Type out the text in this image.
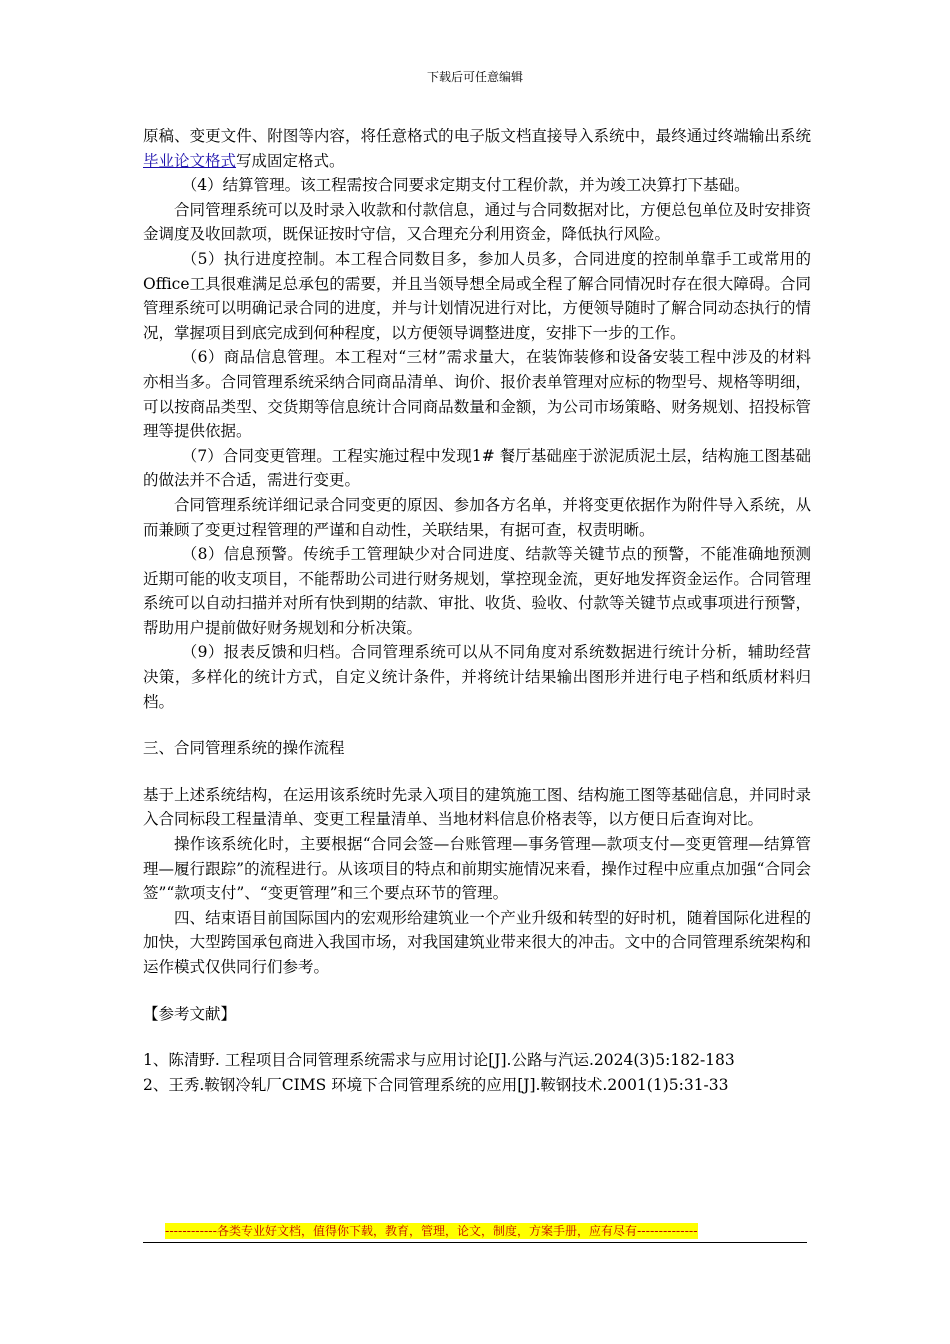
下载后可任意编辑

原稿、变更文件、附图等内容，将任意格式的电子版文档直接导入系统中，最终通过终端输出系统毕业论文格式写成固定格式。

（4）结算管理。该工程需按合同要求定期支付工程价款，并为竣工决算打下基础。

合同管理系统可以及时录入收款和付款信息，通过与合同数据对比，方便总包单位及时安排资金调度及收回款项，既保证按时守信，又合理充分利用资金，降低执行风险。

（5）执行进度控制。本工程合同数目多，参加人员多，合同进度的控制单靠手工或常用的Office工具很难满足总承包的需要，并且当领导想全局或全程了解合同情况时存在很大障碍。合同管理系统可以明确记录合同的进度，并与计划情况进行对比，方便领导随时了解合同动态执行的情况，掌握项目到底完成到何种程度，以方便领导调整进度，安排下一步的工作。

（6）商品信息管理。本工程对“三材”需求量大，在装饰装修和设备安装工程中涉及的材料亦相当多。合同管理系统采纳合同商品清单、询价、报价表单管理对应标的物型号、规格等明细，可以按商品类型、交货期等信息统计合同商品数量和金额，为公司市场策略、财务规划、招投标管理等提供依据。

（7）合同变更管理。工程实施过程中发现1# 餐厅基础座于淤泥质泥土层，结构施工图基础的做法并不合适，需进行变更。

合同管理系统详细记录合同变更的原因、参加各方名单，并将变更依据作为附件导入系统，从而兼顾了变更过程管理的严谨和自动性，关联结果，有据可查，权责明晰。

（8）信息预警。传统手工管理缺少对合同进度、结款等关键节点的预警，不能准确地预测近期可能的收支项目，不能帮助公司进行财务规划，掌控现金流，更好地发挥资金运作。合同管理系统可以自动扫描并对所有快到期的结款、审批、收货、验收、付款等关键节点或事项进行预警，帮助用户提前做好财务规划和分析决策。

（9）报表反馈和归档。合同管理系统可以从不同角度对系统数据进行统计分析，辅助经营决策，多样化的统计方式，自定义统计条件，并将统计结果输出图形并进行电子档和纸质材料归档。

三、合同管理系统的操作流程

基于上述系统结构，在运用该系统时先录入项目的建筑施工图、结构施工图等基础信息，并同时录入合同标段工程量清单、变更工程量清单、当地材料信息价格表等，以方便日后查询对比。

操作该系统化时，主要根据“合同会签—台账管理—事务管理—款项支付—变更管理—结算管理—履行跟踪”的流程进行。从该项目的特点和前期实施情况来看，操作过程中应重点加强“合同会签”“款项支付”、“变更管理”和三个要点环节的管理。

四、结束语目前国际国内的宏观形给建筑业一个产业升级和转型的好时机，随着国际化进程的加快，大型跨国承包商进入我国市场，对我国建筑业带来很大的冲击。文中的合同管理系统架构和运作模式仅供同行们参考。

【参考文献】

1、陈清野. 工程项目合同管理系统需求与应用讨论[J].公路与汽运.2024(3)5:182-183

2、王秀.鞍钢冷轧厂CIMS 环境下合同管理系统的应用[J].鞍钢技术.2001(1)5:31-33

------------各类专业好文档，值得你下载，教育，管理，论文，制度，方案手册，应有尽有--------------
